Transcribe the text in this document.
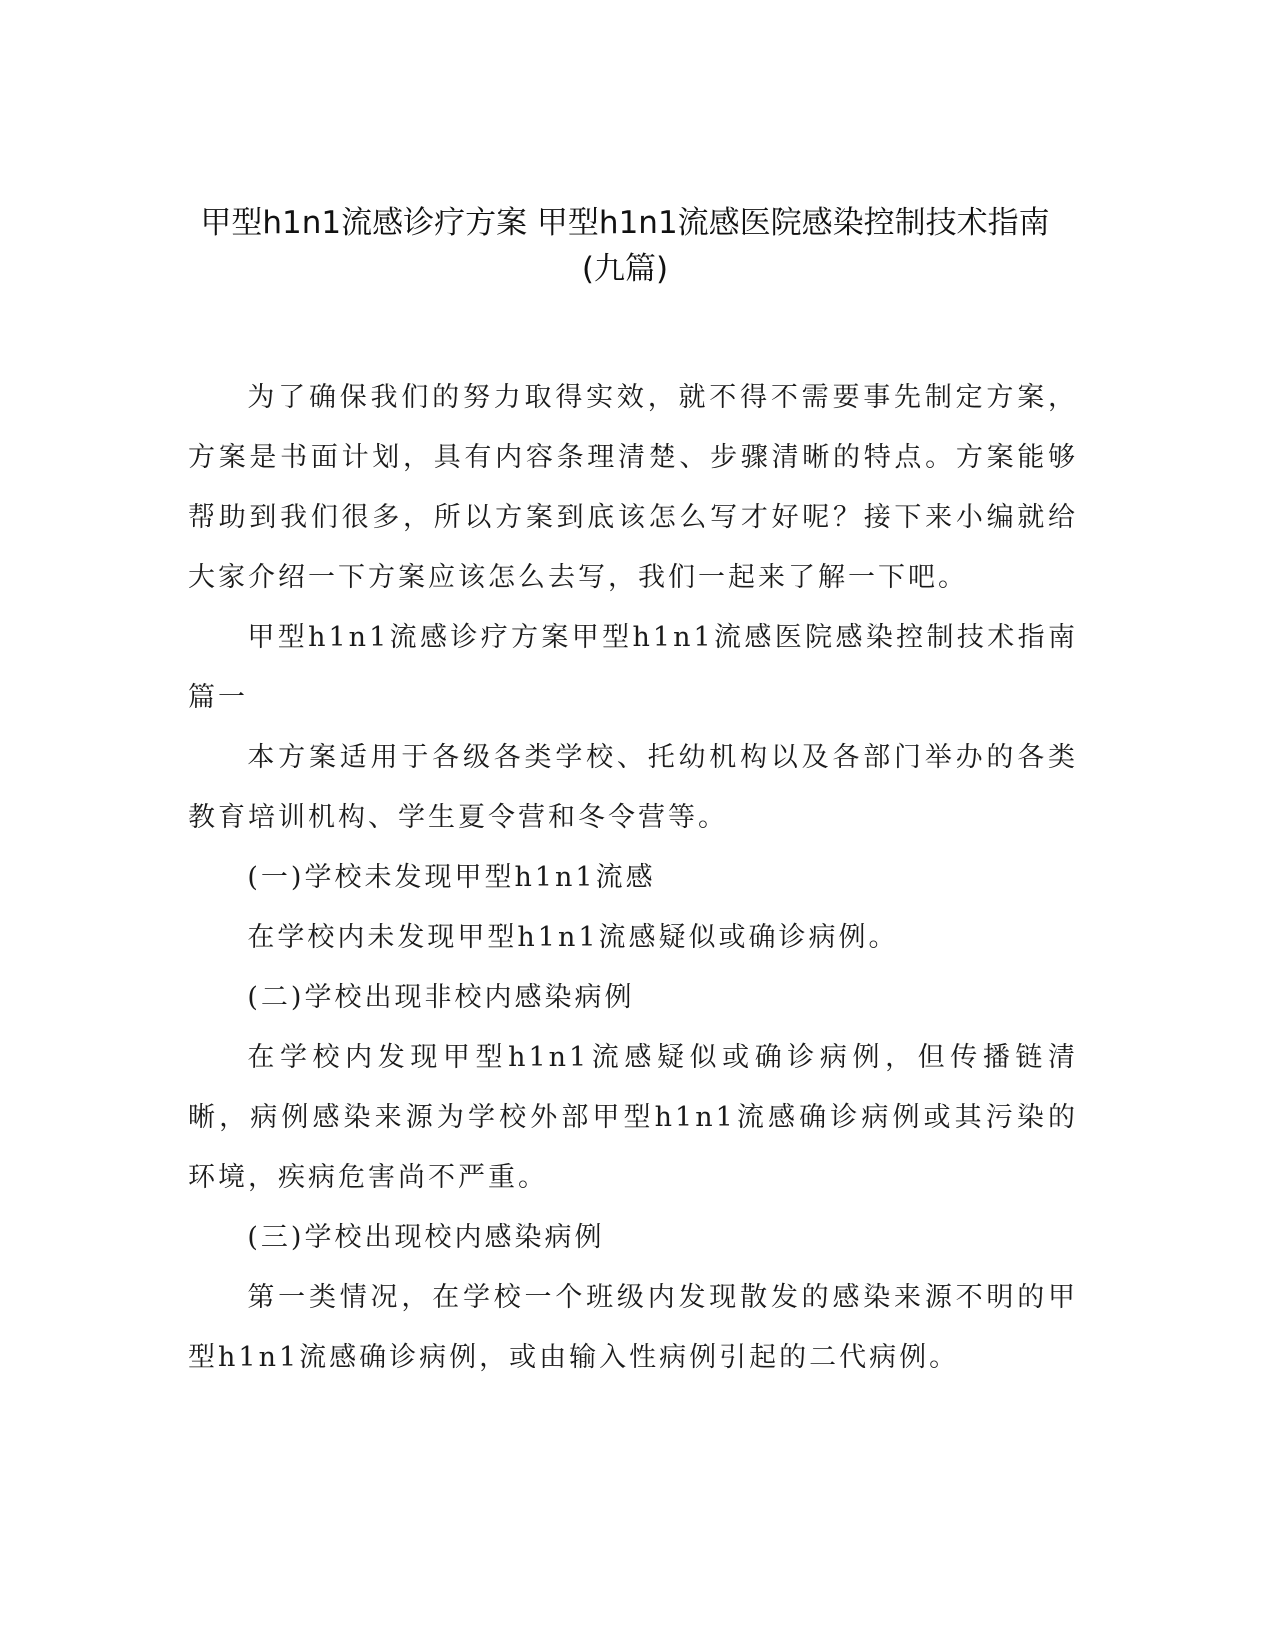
甲型h1n1流感诊疗方案 甲型h1n1流感医院感染控制技术指南(九篇)

为了确保我们的努力取得实效，就不得不需要事先制定方案，方案是书面计划，具有内容条理清楚、步骤清晰的特点。方案能够帮助到我们很多，所以方案到底该怎么写才好呢？接下来小编就给大家介绍一下方案应该怎么去写，我们一起来了解一下吧。

甲型h1n1流感诊疗方案甲型h1n1流感医院感染控制技术指南篇一

本方案适用于各级各类学校、托幼机构以及各部门举办的各类教育培训机构、学生夏令营和冬令营等。

(一)学校未发现甲型h1n1流感

在学校内未发现甲型h1n1流感疑似或确诊病例。

(二)学校出现非校内感染病例

在学校内发现甲型h1n1流感疑似或确诊病例，但传播链清晰，病例感染来源为学校外部甲型h1n1流感确诊病例或其污染的环境，疾病危害尚不严重。

(三)学校出现校内感染病例

第一类情况，在学校一个班级内发现散发的感染来源不明的甲型h1n1流感确诊病例，或由输入性病例引起的二代病例。
